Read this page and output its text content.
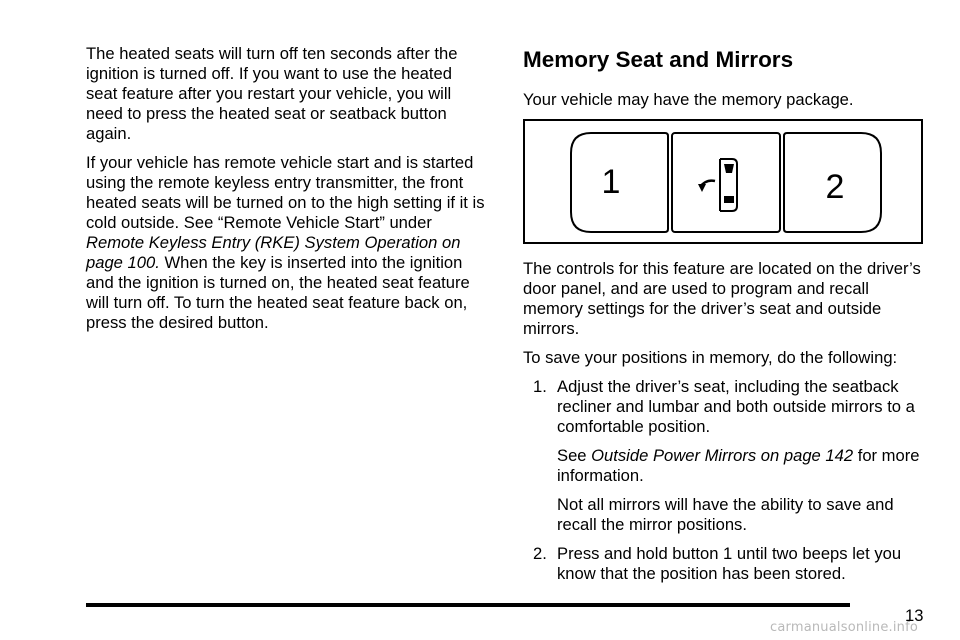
The heated seats will turn off ten seconds after the ignition is turned off. If you want to use the heated seat feature after you restart your vehicle, you will need to press the heated seat or seatback button again.

If your vehicle has remote vehicle start and is started using the remote keyless entry transmitter, the front heated seats will be turned on to the high setting if it is cold outside. See “Remote Vehicle Start” under Remote Keyless Entry (RKE) System Operation on page 100. When the key is inserted into the ignition and the ignition is turned on, the heated seat feature will turn off. To turn the heated seat feature back on, press the desired button.

Memory Seat and Mirrors

Your vehicle may have the memory package.

1	2

The controls for this feature are located on the driver’s door panel, and are used to program and recall memory settings for the driver’s seat and outside mirrors.

To save your positions in memory, do the following:

1. Adjust the driver’s seat, including the seatback recliner and lumbar and both outside mirrors to a comfortable position.

See Outside Power Mirrors on page 142 for more information.

Not all mirrors will have the ability to save and recall the mirror positions.

2. Press and hold button 1 until two beeps let you know that the position has been stored.

13
carmanualsonline.info
